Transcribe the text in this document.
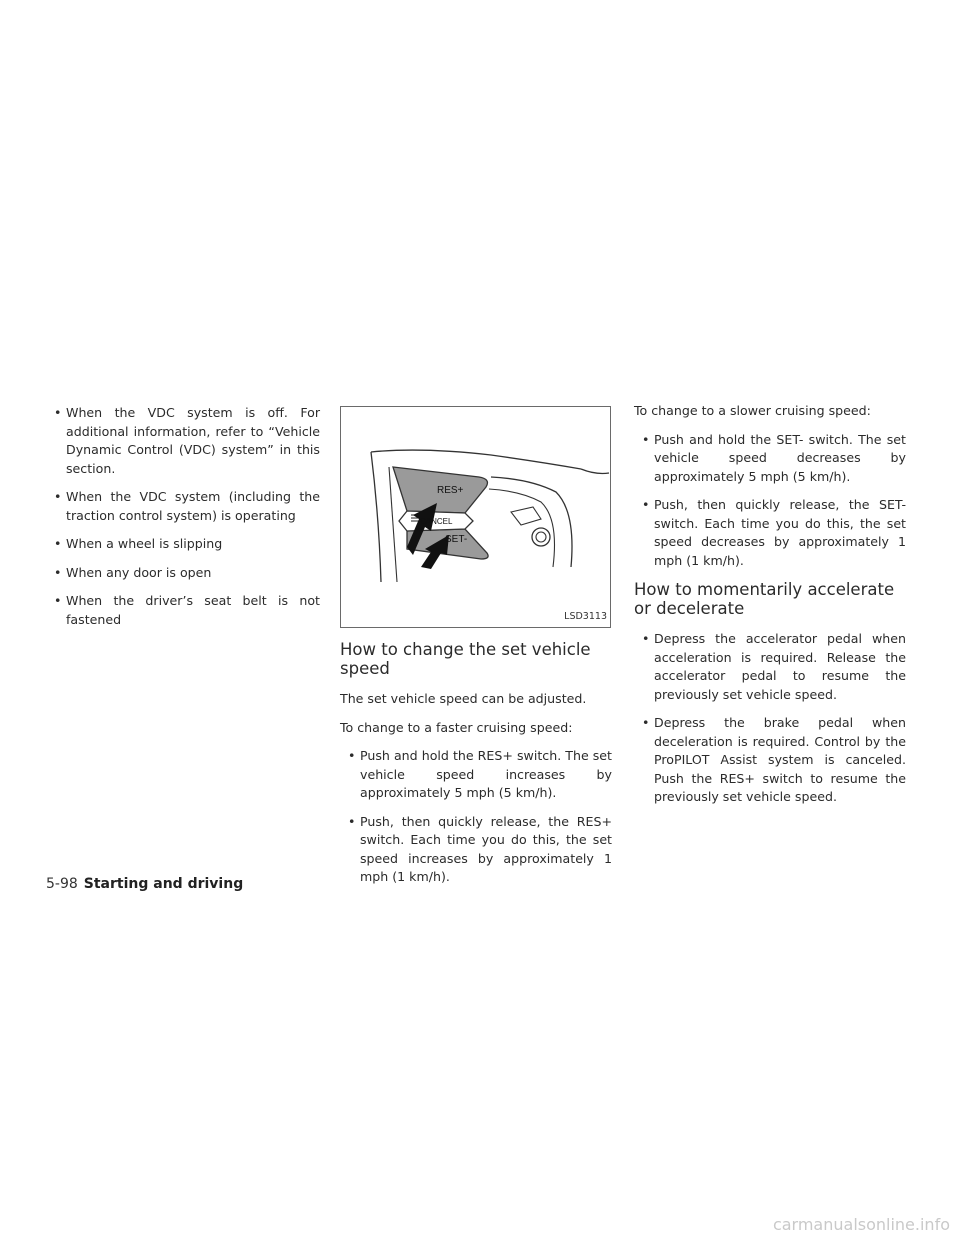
• When the VDC system is off. For additional information, refer to “Vehicle Dynamic Control (VDC) system” in this section.
• When the VDC system (including the traction control system) is operating
• When a wheel is slipping
• When any door is open
• When the driver’s seat belt is not fastened
RES+
CANCEL
SET-
LSD3113
How to change the set vehicle speed

The set vehicle speed can be adjusted.

To change to a faster cruising speed:

• Push and hold the RES+ switch. The set vehicle speed increases by approximately 5 mph (5 km/h).
• Push, then quickly release, the RES+ switch. Each time you do this, the set speed increases by approximately 1 mph (1 km/h).

To change to a slower cruising speed:

• Push and hold the SET- switch. The set vehicle speed decreases by approximately 5 mph (5 km/h).
• Push, then quickly release, the SET- switch. Each time you do this, the set speed decreases by approximately 1 mph (1 km/h).
How to momentarily accelerate or decelerate
• Depress the accelerator pedal when acceleration is required. Release the accelerator pedal to resume the previously set vehicle speed.
• Depress the brake pedal when deceleration is required. Control by the ProPILOT Assist system is canceled. Push the RES+ switch to resume the previously set vehicle speed.
5-98 Starting and driving
carmanualsonline.info
